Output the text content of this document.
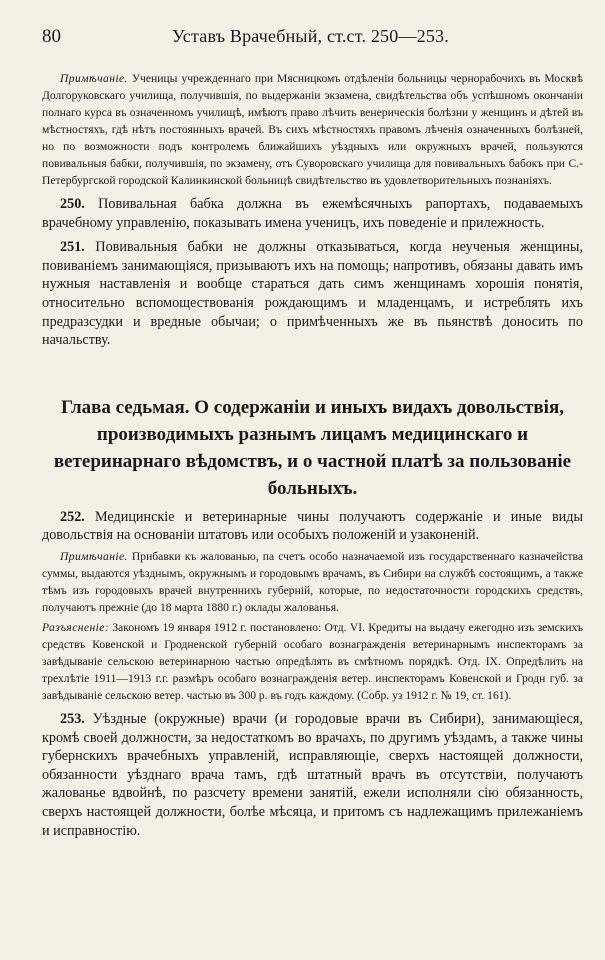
80	Уставъ Врачебный, ст.ст. 250—253.

Примѣчаніе. Ученицы учрежденнаго при Мясницкомъ отдѣленіи больницы чернорабочихъ въ Москвѣ Долгоруковскаго училища, получившія, по выдержаніи экзамена, свидѣтельства объ успѣшномъ окончаніи полнаго курса въ означенномъ училищѣ, имѣютъ право лѣчить венерическія болѣзни у женщинъ и дѣтей въ мѣстностяхъ, гдѣ нѣтъ постоянныхъ врачей. Въ сихъ мѣстностяхъ правомъ лѣченія означенныхъ болѣзней, но по возможности подъ контролемъ ближайшихъ уѣздныхъ или окружныхъ врачей, пользуются повивальныя бабки, получившія, по экзамену, отъ Суворовскаго училища для повивальныхъ бабокъ при С.-Петербургской городской Калинкинской больницѣ свидѣтельство въ удовлетворительныхъ познаніяхъ.

250. Повивальная бабка должна въ ежемѣсячныхъ рапортахъ, подаваемыхъ врачебному управленію, показывать имена ученицъ, ихъ поведеніе и прилежность.

251. Повивальныя бабки не должны отказываться, когда неученыя женщины, повиваніемъ занимающіяся, призываютъ ихъ на помощь; напротивъ, обязаны давать имъ нужныя наставленія и вообще стараться дать симъ женщинамъ хорошія понятія, относительно вспомоществованія рождающимъ и младенцамъ, и истреблять ихъ предразсудки и вредные обычаи; о примѣченныхъ же въ пьянствѣ доносить по начальству.

Глава седьмая. О содержаніи и иныхъ видахъ довольствія, производимыхъ разнымъ лицамъ медицинскаго и ветеринарнаго вѣдомствъ, и о частной платѣ за пользованіе больныхъ.

252. Медицинскіе и ветеринарные чины получаютъ содержаніе и иные виды довольствія на основаніи штатовъ или особыхъ положеній и узаконеній.

Примѣчаніе. Прибавки къ жалованью, па счетъ особо назначаемой изъ государственнаго казначейства суммы, выдаются уѣзднымъ, окружнымъ и городовымъ врачамъ, въ Сибири на службѣ состоящимъ, а также тѣмъ изъ городовыхъ врачей внутреннихъ губерній, которые, по недостаточности городскихъ средствъ, получаютъ прежніе (до 18 марта 1880 г.) оклады жалованья.

Разъясненіе: Закономъ 19 января 1912 г. постановлено: Отд. VI. Кредиты на выдачу ежегодно изъ земскихъ средствъ Ковенской и Гродненской губерній особаго вознагражденія ветеринарнымъ инспекторамъ за завѣдываніе сельскою ветеринарною частью опредѣлять въ смѣтномъ порядкѣ. Отд. IX. Опредѣлить на трехлѣтіе 1911—1913 г.г. размѣръ особаго вознагражденія ветер. инспекторамъ Ковенской и Гродн губ. за завѣдываніе сельскою ветер. частью въ 300 р. въ годъ каждому. (Собр. уз 1912 г. № 19, ст. 161).

253. Уѣздные (окружные) врачи (и городовые врачи въ Сибири), занимающіеся, кромѣ своей должности, за недостаткомъ во врачахъ, по другимъ уѣздамъ, а также чины губернскихъ врачебныхъ управленій, исправляющіе, сверхъ настоящей должности, обязанности уѣзднаго врача тамъ, гдѣ штатный врачъ въ отсутствіи, получаютъ жалованье вдвойнѣ, по разсчету времени занятій, ежели исполняли сію обязанность, сверхъ настоящей должности, болѣе мѣсяца, и притомъ съ надлежащимъ прилежаніемъ и исправностію.
